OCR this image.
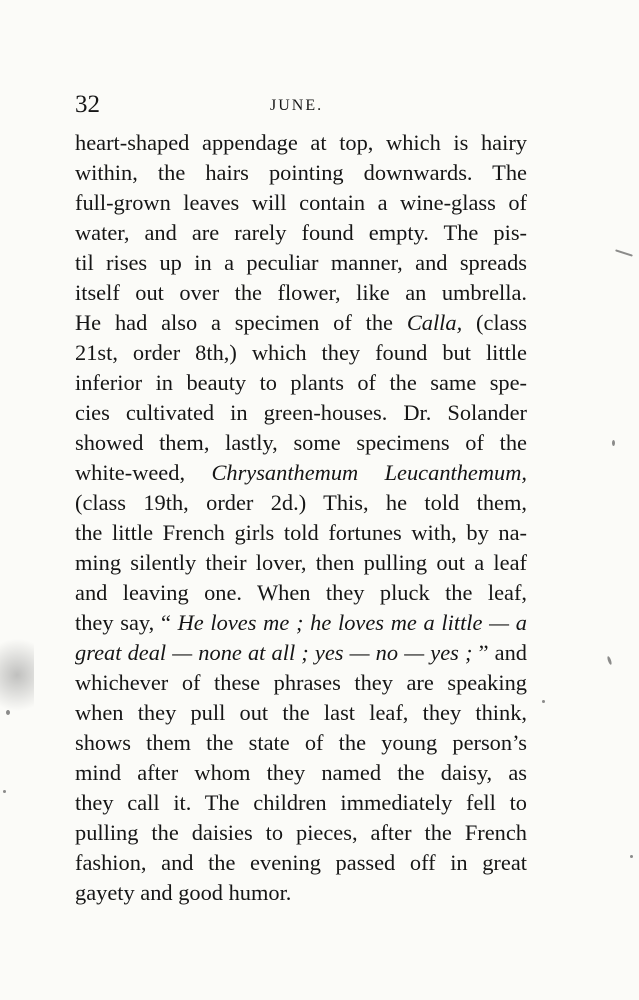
32	JUNE.
heart-shaped appendage at top, which is hairy
within, the hairs pointing downwards. The
full-grown leaves will contain a wine-glass of
water, and are rarely found empty. The pis-
til rises up in a peculiar manner, and spreads
itself out over the flower, like an umbrella.
He had also a specimen of the Calla, (class
21st, order 8th,) which they found but little
inferior in beauty to plants of the same spe-
cies cultivated in green-houses. Dr. Solander
showed them, lastly, some specimens of the
white-weed, Chrysanthemum Leucanthemum,
(class 19th, order 2d.) This, he told them,
the little French girls told fortunes with, by na-
ming silently their lover, then pulling out a leaf
and leaving one. When they pluck the leaf,
they say, “ He loves me ; he loves me a little — a
great deal — none at all ; yes — no — yes ; ” and
whichever of these phrases they are speaking
when they pull out the last leaf, they think,
shows them the state of the young person’s
mind after whom they named the daisy, as
they call it. The children immediately fell to
pulling the daisies to pieces, after the French
fashion, and the evening passed off in great
gayety and good humor.
